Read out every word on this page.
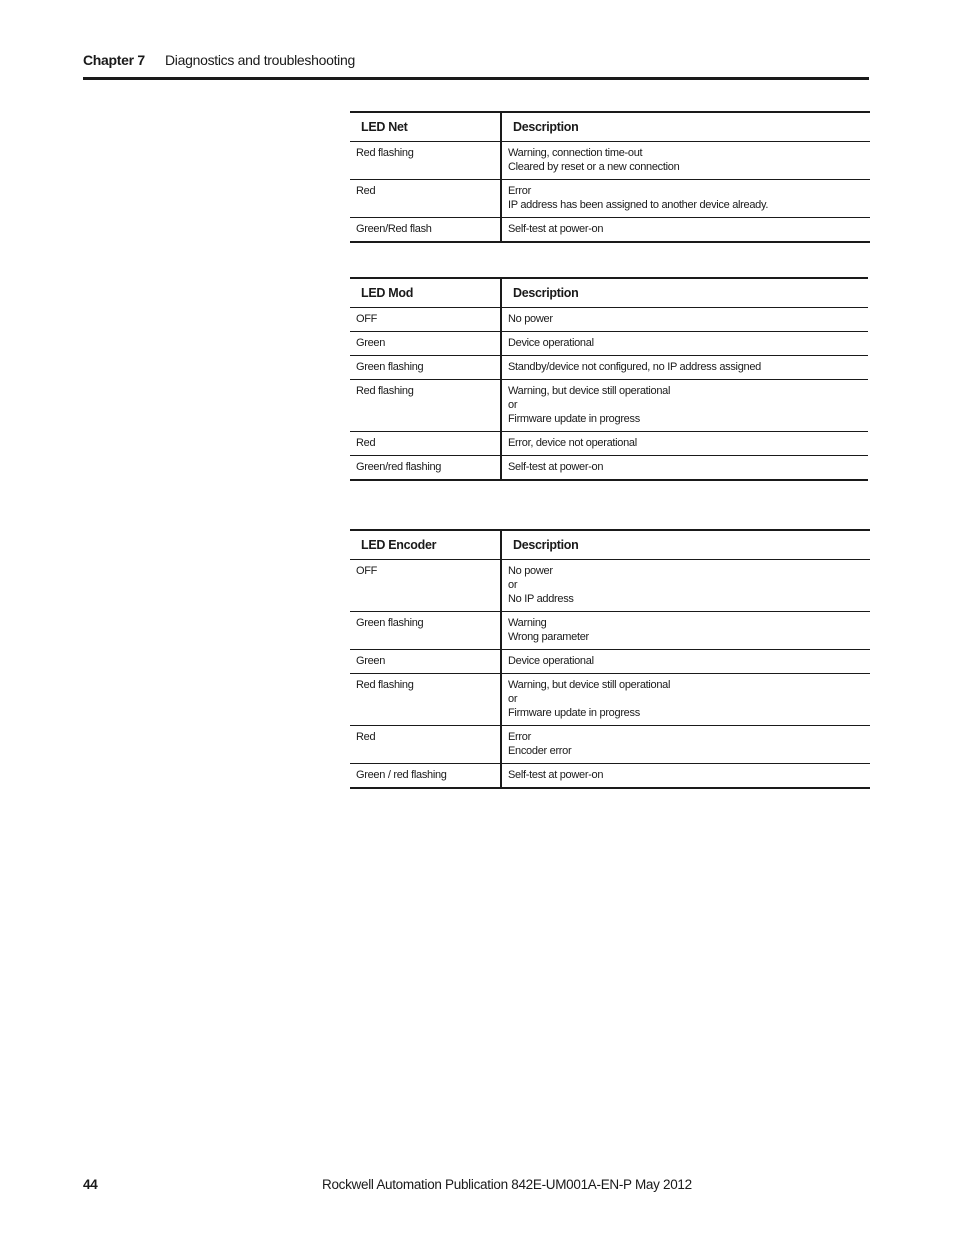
Chapter 7 Diagnostics and troubleshooting
LED Net	Description
Red flashing	Warning, connection time-out
Cleared by reset or a new connection

Red	Error
IP address has been assigned to another device already.

Green/Red flash	Self-test at power-on
LED Mod	Description
OFF	No power

Green	Device operational

Green flashing	Standby/device not configured, no IP address assigned

Red flashing	Warning, but device still operational
or
Firmware update in progress

Red	Error, device not operational

Green/red flashing	Self-test at power-on
LED Encoder	Description
OFF	No power
or
No IP address

Green flashing	Warning
Wrong parameter

Green	Device operational

Red flashing	Warning, but device still operational
or
Firmware update in progress

Red	Error
Encoder error

Green / red flashing	Self-test at power-on
44	Rockwell Automation Publication 842E-UM001A-EN-P May 2012
